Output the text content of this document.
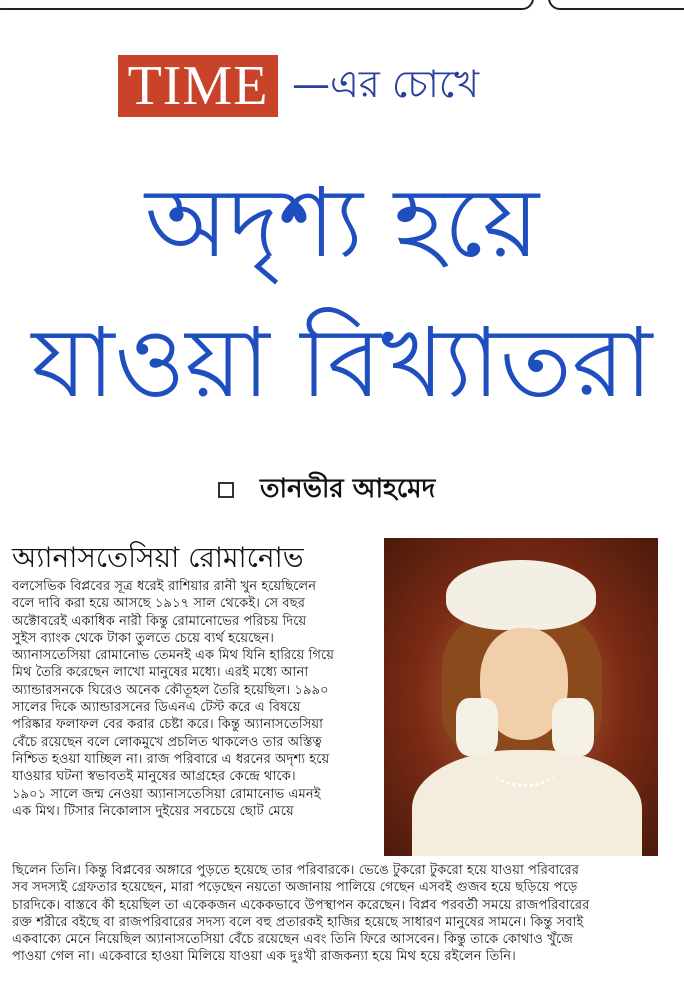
TIME —এর চোখে
অদৃশ্য হয়ে
যাওয়া বিখ্যাতরা
তানভীর আহমেদ
অ্যানাসতেসিয়া রোমানোভ
বলসেভিক বিপ্লবের সূত্র ধরেই রাশিয়ার রানী খুন হয়েছিলেন
বলে দাবি করা হয়ে আসছে ১৯১৭ সাল থেকেই। সে বছর
অক্টোবরেই একাধিক নারী কিন্তু রোমানোভের পরিচয় দিয়ে
সুইস ব্যাংক থেকে টাকা তুলতে চেয়ে ব্যর্থ হয়েছেন।
অ্যানাসতেসিয়া রোমানোভ তেমনই এক মিথ যিনি হারিয়ে গিয়ে
মিথ তৈরি করেছেন লাখো মানুষের মধ্যে। এরই মধ্যে আনা
অ্যান্ডারসনকে ঘিরেও অনেক কৌতূহল তৈরি হয়েছিল। ১৯৯০
সালের দিকে অ্যান্ডারসনের ডিএনএ টেস্ট করে এ বিষয়ে
পরিষ্কার ফলাফল বের করার চেষ্টা করে। কিন্তু অ্যানাসতেসিয়া
বেঁচে রয়েছেন বলে লোকমুখে প্রচলিত থাকলেও তার অস্তিত্ব
নিশ্চিত হওয়া যাচ্ছিল না। রাজ পরিবারে এ ধরনের অদৃশ্য হয়ে
যাওয়ার ঘটনা স্বভাবতই মানুষের আগ্রহের কেন্দ্রে থাকে।
১৯০১ সালে জন্ম নেওয়া অ্যানাসতেসিয়া রোমানোভ এমনই
এক মিথ। টিসার নিকোলাস দুইয়ের সবচেয়ে ছোট মেয়ে
ছিলেন তিনি। কিন্তু বিপ্লবের অঙ্গারে পুড়তে হয়েছে তার পরিবারকে। ভেঙে টুকরো টুকরো হয়ে যাওয়া পরিবারের
সব সদস্যই গ্রেফতার হয়েছেন, মারা পড়েছেন নয়তো অজানায় পালিয়ে গেছেন এসবই গুজব হয়ে ছড়িয়ে পড়ে
চারদিকে। বাস্তবে কী হয়েছিল তা একেকজন একেকভাবে উপস্থাপন করেছেন। বিপ্লব পরবর্তী সময়ে রাজপরিবারের
রক্ত শরীরে বইছে বা রাজপরিবারের সদস্য বলে বহু প্রতারকই হাজির হয়েছে সাধারণ মানুষের সামনে। কিন্তু সবাই
একবাক্যে মেনে নিয়েছিল অ্যানাসতেসিয়া বেঁচে রয়েছেন এবং তিনি ফিরে আসবেন। কিন্তু তাকে কোথাও খুঁজে
পাওয়া গেল না। একেবারে হাওয়া মিলিয়ে যাওয়া এক দুঃখী রাজকন্যা হয়ে মিথ হয়ে রইলেন তিনি।
